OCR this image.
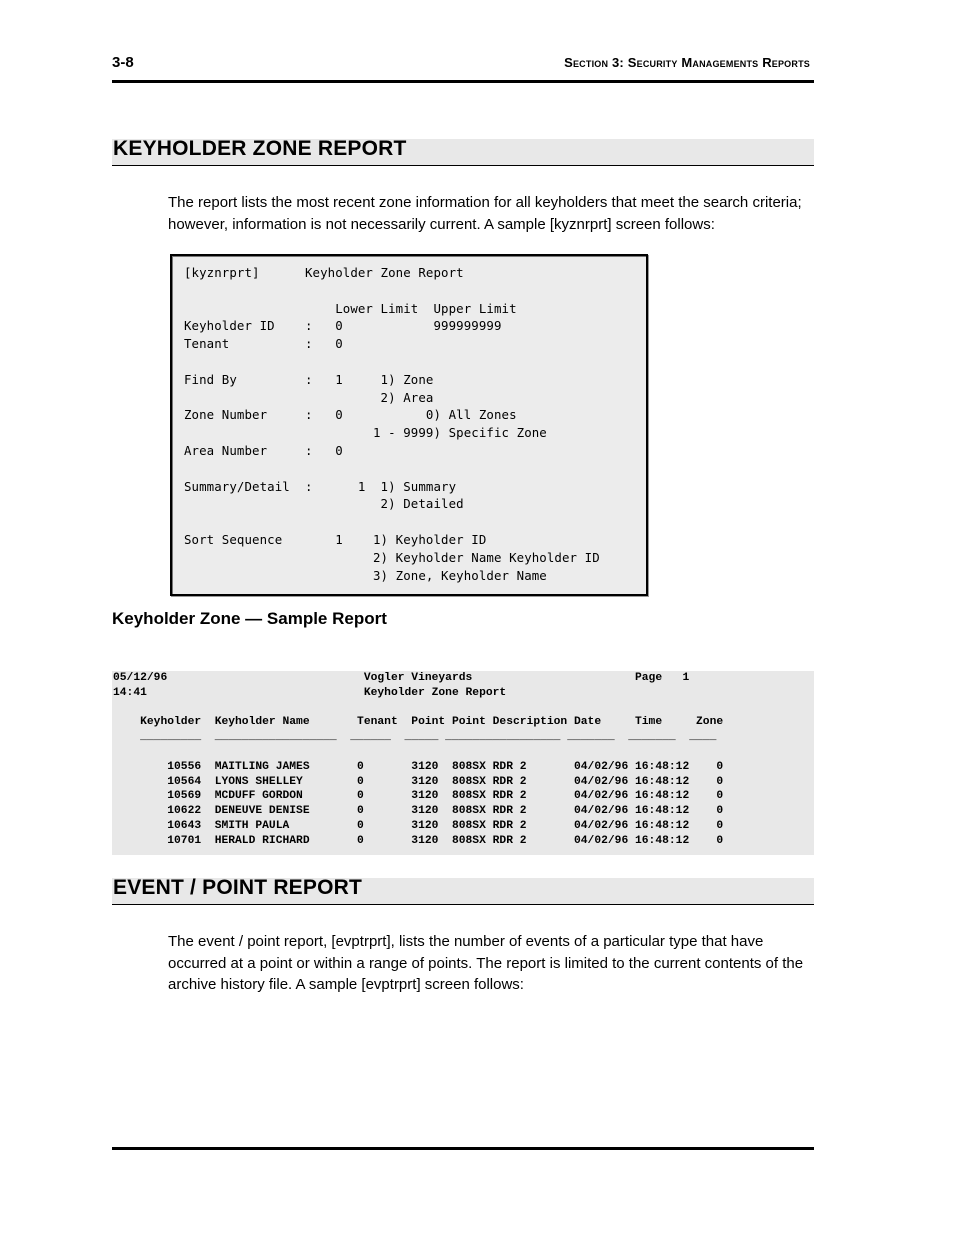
3-8	Section 3: Security Managements Reports
KEYHOLDER ZONE REPORT
The report lists the most recent zone information for all keyholders that meet the search criteria; however, information is not necessarily current. A sample [kyznrprt] screen follows:
[kyznrprt]      Keyholder Zone Report

Lower Limit  Upper Limit
Keyholder ID    :   0            999999999
Tenant          :   0

Find By         :   1     1) Zone
2) Area
Zone Number     :   0           0) All Zones
1 - 9999) Specific Zone
Area Number     :   0

Summary/Detail  :      1  1) Summary
2) Detailed

Sort Sequence       1    1) Keyholder ID
2) Keyholder Name Keyholder ID
3) Zone, Keyholder Name
Keyholder Zone — Sample Report
05/12/96                             Vogler Vineyards                        Page   1
14:41                                Keyholder Zone Report

Keyholder  Keyholder Name       Tenant  Point Point Description Date     Time     Zone
_________  __________________  ______  _____ _________________ _______  _______  ____

10556  MAITLING JAMES       0       3120  808SX RDR 2       04/02/96 16:48:12    0
10564  LYONS SHELLEY        0       3120  808SX RDR 2       04/02/96 16:48:12    0
10569  MCDUFF GORDON        0       3120  808SX RDR 2       04/02/96 16:48:12    0
10622  DENEUVE DENISE       0       3120  808SX RDR 2       04/02/96 16:48:12    0
10643  SMITH PAULA          0       3120  808SX RDR 2       04/02/96 16:48:12    0
10701  HERALD RICHARD       0       3120  808SX RDR 2       04/02/96 16:48:12    0
EVENT / POINT REPORT
The event / point report, [evptrprt], lists the number of events of a particular type that have occurred at a point or within a range of points. The report is limited to the current contents of the archive history file. A sample [evptrprt] screen follows:
